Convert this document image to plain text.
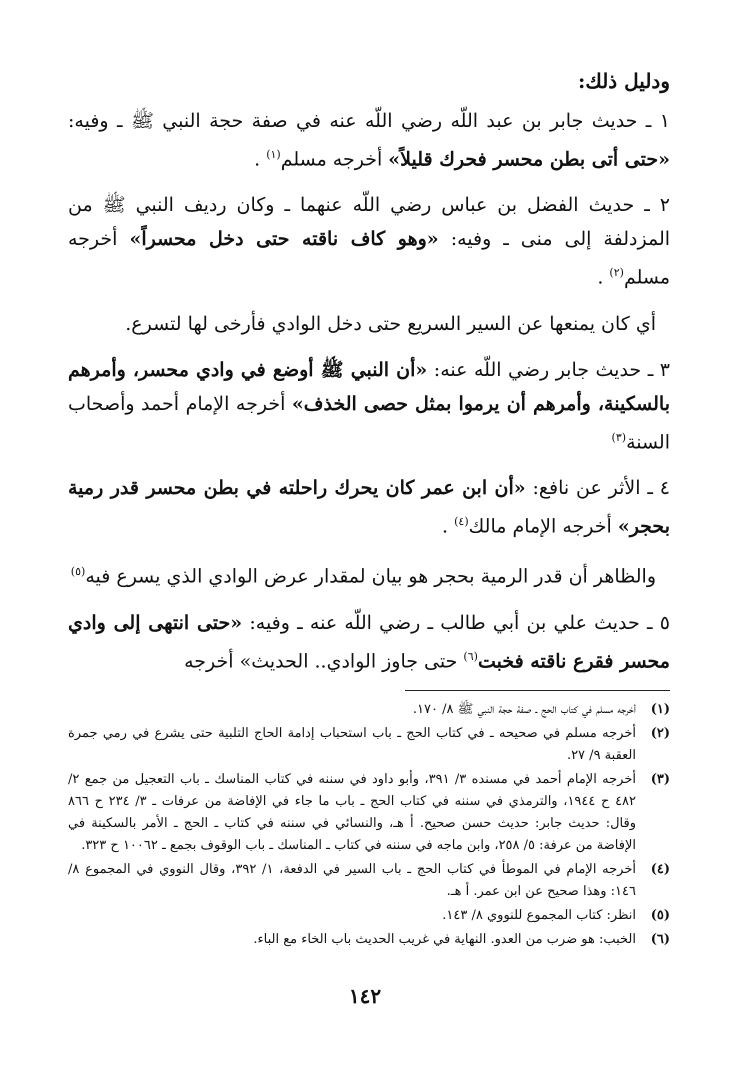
ودليل ذلك:

١ ـ حديث جابر بن عبد اللّه رضي اللّه عنه في صفة حجة النبي ﷺ ـ وفيه: «حتى أتى بطن محسر فحرك قليلاً» أخرجه مسلم$^{(١)}$ .

٢ ـ حديث الفضل بن عباس رضي اللّه عنهما ـ وكان رديف النبي ﷺ من المزدلفة إلى منى ـ وفيه: «وهو كاف ناقته حتى دخل محسراً» أخرجه مسلم$^{(٢)}$ .

أي كان يمنعها عن السير السريع حتى دخل الوادي فأرخى لها لتسرع.

٣ ـ حديث جابر رضي اللّه عنه: «أن النبي ﷺ أوضع في وادي محسر، وأمرهم بالسكينة، وأمرهم أن يرموا بمثل حصى الخذف» أخرجه الإمام أحمد وأصحاب السنة$^{(٣)}$

٤ ـ الأثر عن نافع: «أن ابن عمر كان يحرك راحلته في بطن محسر قدر رمية بحجر» أخرجه الإمام مالك$^{(٤)}$ .

والظاهر أن قدر الرمية بحجر هو بيان لمقدار عرض الوادي الذي يسرع فيه$^{(٥)}$

٥ ـ حديث علي بن أبي طالب ـ رضي اللّه عنه ـ وفيه: «حتى انتهى إلى وادي محسر فقرع ناقته فخبت$^{(٦)}$ حتى جاوز الوادي.. الحديث» أخرجه

(١)
أخرجه مسلم في كتاب الحج ـ صفة حجة النبي ﷺ ٨/ ١٧٠.
(٢)
أخرجه مسلم في صحيحه ـ في كتاب الحج ـ باب استحباب إدامة الحاج التلبية حتى يشرع في رمي جمرة العقبة ٩/ ٢٧.
(٣)
أخرجه الإمام أحمد في مسنده ٣/ ٣٩١، وأبو داود في سننه في كتاب المناسك ـ باب التعجيل من جمع ٢/ ٤٨٢ ح ١٩٤٤، والترمذي في سننه في كتاب الحج ـ باب ما جاء في الإفاضة من عرفات ـ ٣/ ٢٣٤ ح ٨٦٦ وقال: حديث جابر: حديث حسن صحيح. أ هـ، والنسائي في سننه في كتاب ـ الحج ـ الأمر بالسكينة في الإفاضة من عرفة: ٥/ ٢٥٨، وابن ماجه في سننه في كتاب ـ المناسك ـ باب الوقوف بجمع ـ ١٠٠٦٢ ح ٣٢٣.
(٤)
أخرجه الإمام في الموطأ في كتاب الحج ـ باب السير في الدفعة، ١/ ٣٩٢، وقال النووي في المجموع ٨/ ١٤٦: وهذا صحيح عن ابن عمر. أ هـ.
(٥)
انظر: كتاب المجموع للنووي ٨/ ١٤٣.
(٦)
الخبب: هو ضرب من العدو. النهاية في غريب الحديث باب الخاء مع الباء.
١٤٢
